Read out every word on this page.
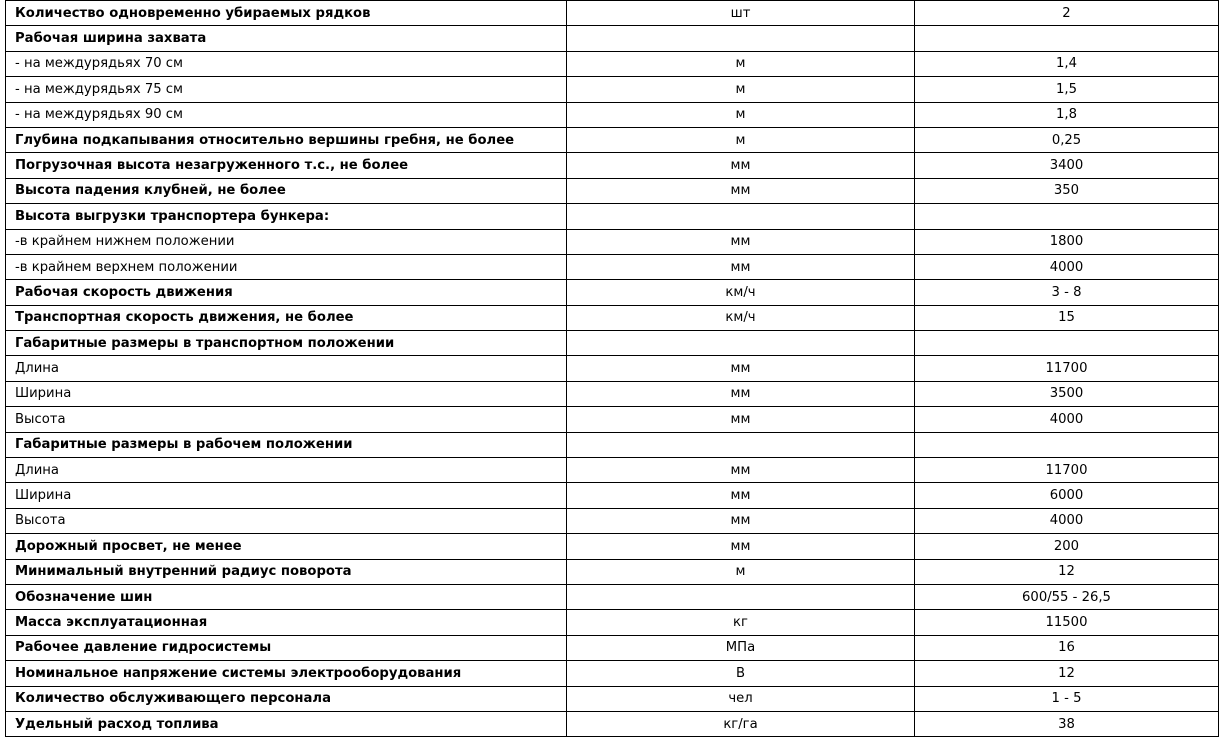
Количество одновременно убираемых рядков	шт	2
Рабочая ширина захвата		
- на междурядьях 70 см	м	1,4
- на междурядьях 75 см	м	1,5
- на междурядьях 90 см	м	1,8
Глубина подкапывания относительно вершины гребня, не более	м	0,25
Погрузочная высота незагруженного т.с., не более	мм	3400
Высота падения клубней, не более	мм	350
Высота выгрузки транспортера бункера:		
-в крайнем нижнем положении	мм	1800
-в крайнем верхнем положении	мм	4000
Рабочая скорость движения	км/ч	3 - 8
Транспортная скорость движения, не более	км/ч	15
Габаритные размеры в транспортном положении		
Длина	мм	11700
Ширина	мм	3500
Высота	мм	4000
Габаритные размеры в рабочем положении		
Длина	мм	11700
Ширина	мм	6000
Высота	мм	4000
Дорожный просвет, не менее	мм	200
Минимальный внутренний радиус поворота	м	12
Обозначение шин		600/55 - 26,5
Масса эксплуатационная	кг	11500
Рабочее давление гидросистемы	МПа	16
Номинальное напряжение системы электрооборудования	В	12
Количество обслуживающего персонала	чел	1 - 5
Удельный расход топлива	кг/га	38
